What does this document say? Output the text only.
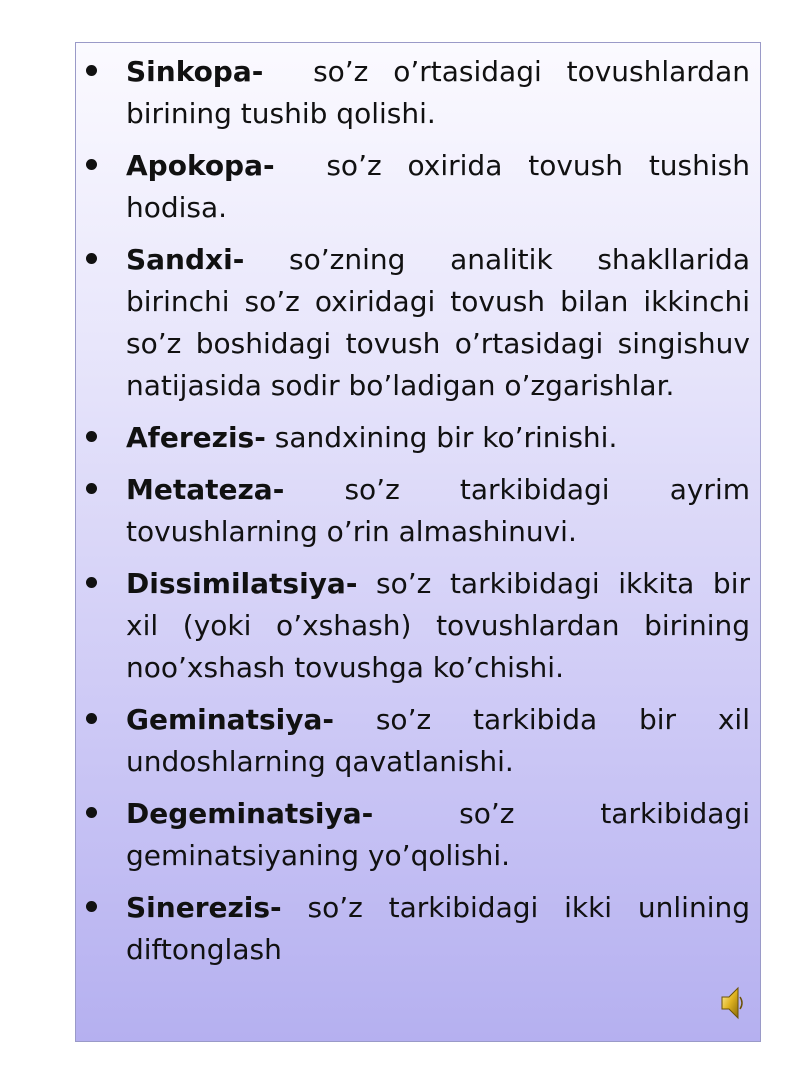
Sinkopa- so’z o’rtasidagi tovushlardan birining tushib qolishi.
Apokopa- so’z oxirida tovush tushish hodisa.
Sandxi- so’zning analitik shakllarida birinchi so’z oxiridagi tovush bilan ikkinchi so’z boshidagi tovush o’rtasidagi singishuv natijasida sodir bo’ladigan o’zgarishlar.
Aferezis- sandxining bir ko’rinishi.
Metateza- so’z tarkibidagi ayrim tovushlarning o’rin almashinuvi.
Dissimilatsiya- so’z tarkibidagi ikkita bir xil (yoki o’xshash) tovushlardan birining noo’xshash tovushga ko’chishi.
Geminatsiya- so’z tarkibida bir xil undoshlarning qavatlanishi.
Degeminatsiya-	so’z tarkibidagi geminatsiyaning yo’qolishi.
Sinerezis- so’z tarkibidagi ikki unlining diftonglash
